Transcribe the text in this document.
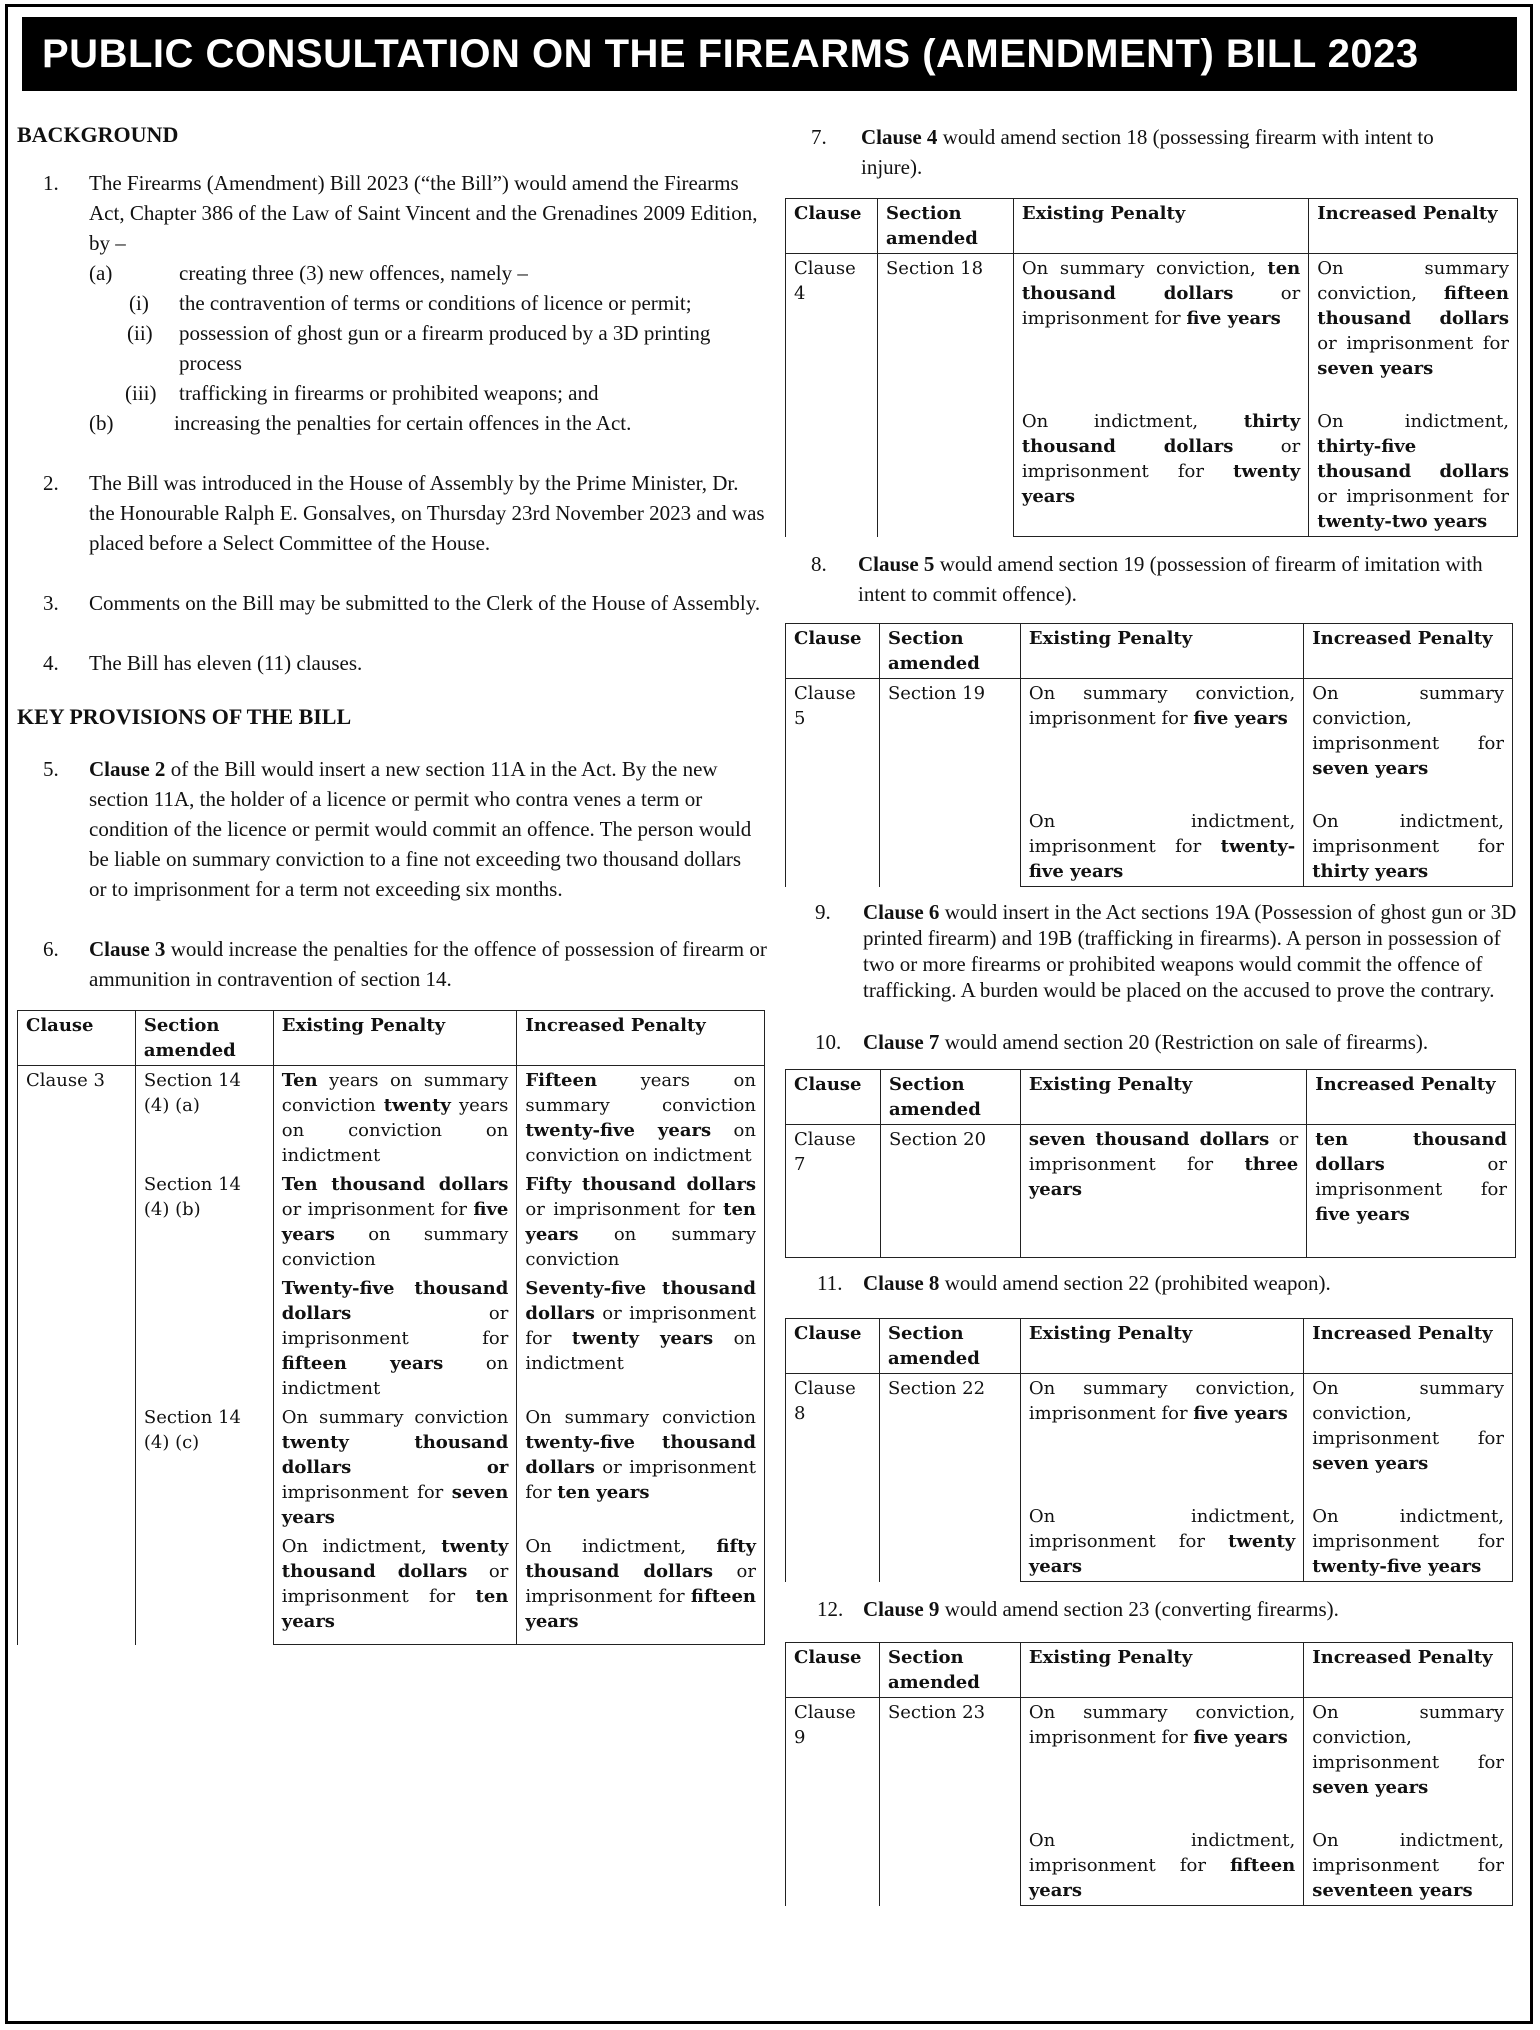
PUBLIC CONSULTATION ON THE FIREARMS (AMENDMENT) BILL 2023
BACKGROUND
1. The Firearms (Amendment) Bill 2023 (“the Bill”) would amend the Firearms Act, Chapter 386 of the Law of Saint Vincent and the Grenadines 2009 Edition, by –
(a)	creating three (3) new offences, namely –
(i) the contravention of terms or conditions of licence or permit;
(ii) possession of ghost gun or a firearm produced by a 3D printing process
(iii) trafficking in firearms or prohibited weapons; and
(b)	increasing the penalties for certain offences in the Act.
2. The Bill was introduced in the House of Assembly by the Prime Minister, Dr. the Honourable Ralph E. Gonsalves, on Thursday 23rd November 2023 and was placed before a Select Committee of the House.
3. Comments on the Bill may be submitted to the Clerk of the House of Assembly.
4. The Bill has eleven (11) clauses.
KEY PROVISIONS OF THE BILL
5. Clause 2 of the Bill would insert a new section 11A in the Act. By the new section 11A, the holder of a licence or permit who contra venes a term or condition of the licence or permit would commit an offence. The person would be liable on summary conviction to a fine not exceeding two thousand dollars or to imprisonment for a term not exceeding six months.
6. Clause 3 would increase the penalties for the offence of possession of firearm or ammunition in contravention of section 14.
Clause	Section amended	Existing Penalty	Increased Penalty
Clause 3	Section 14 (4) (a)	Ten years on summary conviction twenty years on conviction on indictment	Fifteen years on summary conviction twenty-five years on conviction on indictment
	Section 14 (4) (b)	Ten thousand dollars or imprisonment for five years on summary conviction	Fifty thousand dollars or imprisonment for ten years on summary conviction
		Twenty-five thousand dollars or imprisonment for fifteen years on indictment	Seventy-five thousand dollars or imprisonment for twenty years on indictment
	Section 14 (4) (c)	On summary conviction twenty thousand dollars or imprisonment for seven years	On summary conviction twenty-five thousand dollars or imprisonment for ten years
		On indictment, twenty thousand dollars or imprisonment for ten years	On indictment, fifty thousand dollars or imprisonment for fifteen years
7. Clause 4 would amend section 18 (possessing firearm with intent to injure).
Clause	Section amended	Existing Penalty	Increased Penalty
Clause 4	Section 18	On summary conviction, ten thousand dollars or imprisonment for five years	On summary conviction, fifteen thousand dollars or imprisonment for seven years
		On indictment, thirty thousand dollars or imprisonment for twenty years	On indictment, thirty-five thousand dollars or imprisonment for twenty-two years
8. Clause 5 would amend section 19 (possession of firearm of imitation with intent to commit offence).
Clause	Section amended	Existing Penalty	Increased Penalty
Clause 5	Section 19	On summary conviction, imprisonment for five years	On summary conviction, imprisonment for seven years
		On indictment, imprisonment for twenty-five years	On indictment, imprisonment for thirty years
9. Clause 6 would insert in the Act sections 19A (Possession of ghost gun or 3D printed firearm) and 19B (trafficking in firearms). A person in possession of two or more firearms or prohibited weapons would commit the offence of trafficking. A burden would be placed on the accused to prove the contrary.
10. Clause 7 would amend section 20 (Restriction on sale of firearms).
Clause	Section amended	Existing Penalty	Increased Penalty
Clause 7	Section 20	seven thousand dollars or imprisonment for three years	ten thousand dollars or imprisonment for five years
11. Clause 8 would amend section 22 (prohibited weapon).
Clause	Section amended	Existing Penalty	Increased Penalty
Clause 8	Section 22	On summary conviction, imprisonment for five years	On summary conviction, imprisonment for seven years
		On indictment, imprisonment for twenty years	On indictment, imprisonment for twenty-five years
12. Clause 9 would amend section 23 (converting firearms).
Clause	Section amended	Existing Penalty	Increased Penalty
Clause 9	Section 23	On summary conviction, imprisonment for five years	On summary conviction, imprisonment for seven years
		On indictment, imprisonment for fifteen years	On indictment, imprisonment for seventeen years
